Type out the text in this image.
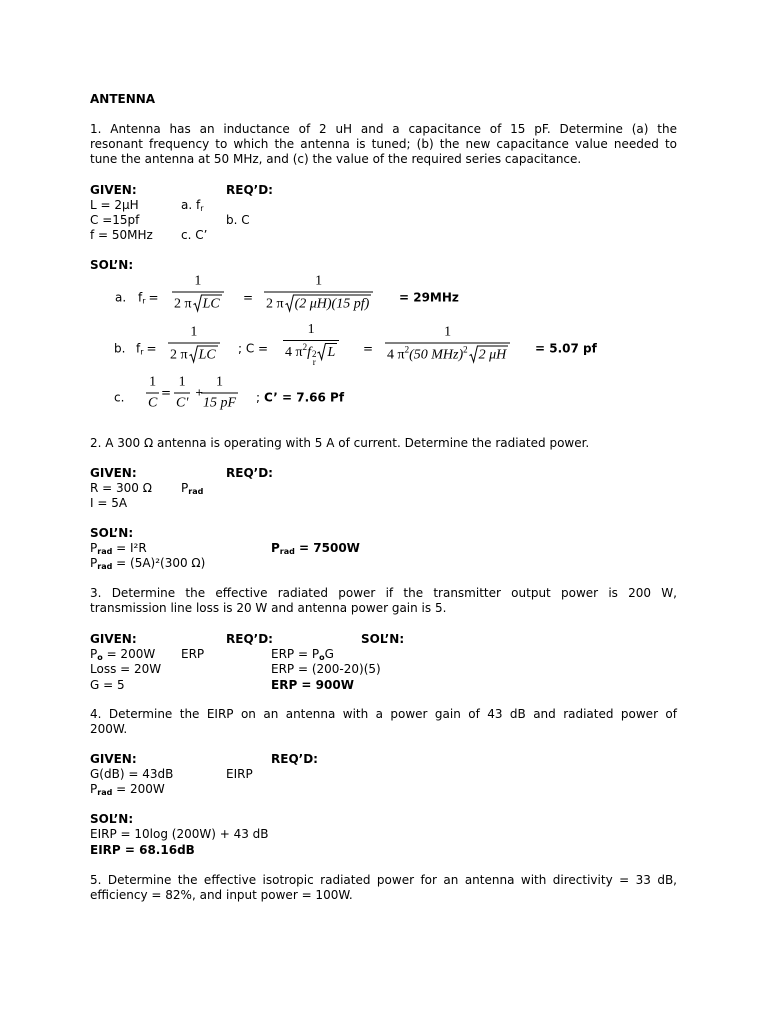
ANTENNA
1. Antenna has an inductance of 2 uH and a capacitance of 15 pF. Determine (a) the
resonant frequency to which the antenna is tuned; (b) the new capacitance value needed to
tune the antenna at 50 MHz, and (c) the value of the required series capacitance.
GIVEN:	REQ’D:
L = 2μH	a. $f_r$
C =15pf	b. C
f = 50MHz c. C’
SOL’N:
a. $f_r$ =
1
2 π LC = $\frac{1}{2 \pi (2 \mu H)(15 pf)} = 29MHz$
b. $f_r$ =
1
2 π LC ; C = 1
4 $\pi^2f$ 2
r
L =
1
4 $\pi^2(50$ MHz)$^2$ 2 μH = 5.07 pf
c. $\frac{1}{C} = \frac{1}{C'}$ +
$\frac{1}{15 pF}$ ; C’ = 7.66 Pf
2. A 300 Ω antenna is operating with 5 A of current. Determine the radiated power.
GIVEN:	REQ’D:
R = 300 Ω $P_{rad}$
I = 5A
SOL’N:
$P_{rad} = I^2R$	$P_{rad} = 7500W$
$P_{rad} = (5A)^2(300$ Ω)
3. Determine the effective radiated power if the transmitter output power is 200 W,
transmission line loss is 20 W and antenna power gain is 5.
GIVEN:	REQ’D:	SOL’N:
$P_o = 200W$ ERP	ERP = $P_oG$
Loss = 20W	ERP = (200-20)(5)
G = 5	ERP = 900W
4. Determine the EIRP on an antenna with a power gain of 43 dB and radiated power of
200W.
GIVEN:	REQ’D:
G(dB) = 43dB	EIRP
$P_{rad} = 200W$
SOL’N:
EIRP = 10log (200W) + 43 dB
EIRP = 68.16dB
5. Determine the effective isotropic radiated power for an antenna with directivity = 33 dB,
efficiency = 82%, and input power = 100W.
